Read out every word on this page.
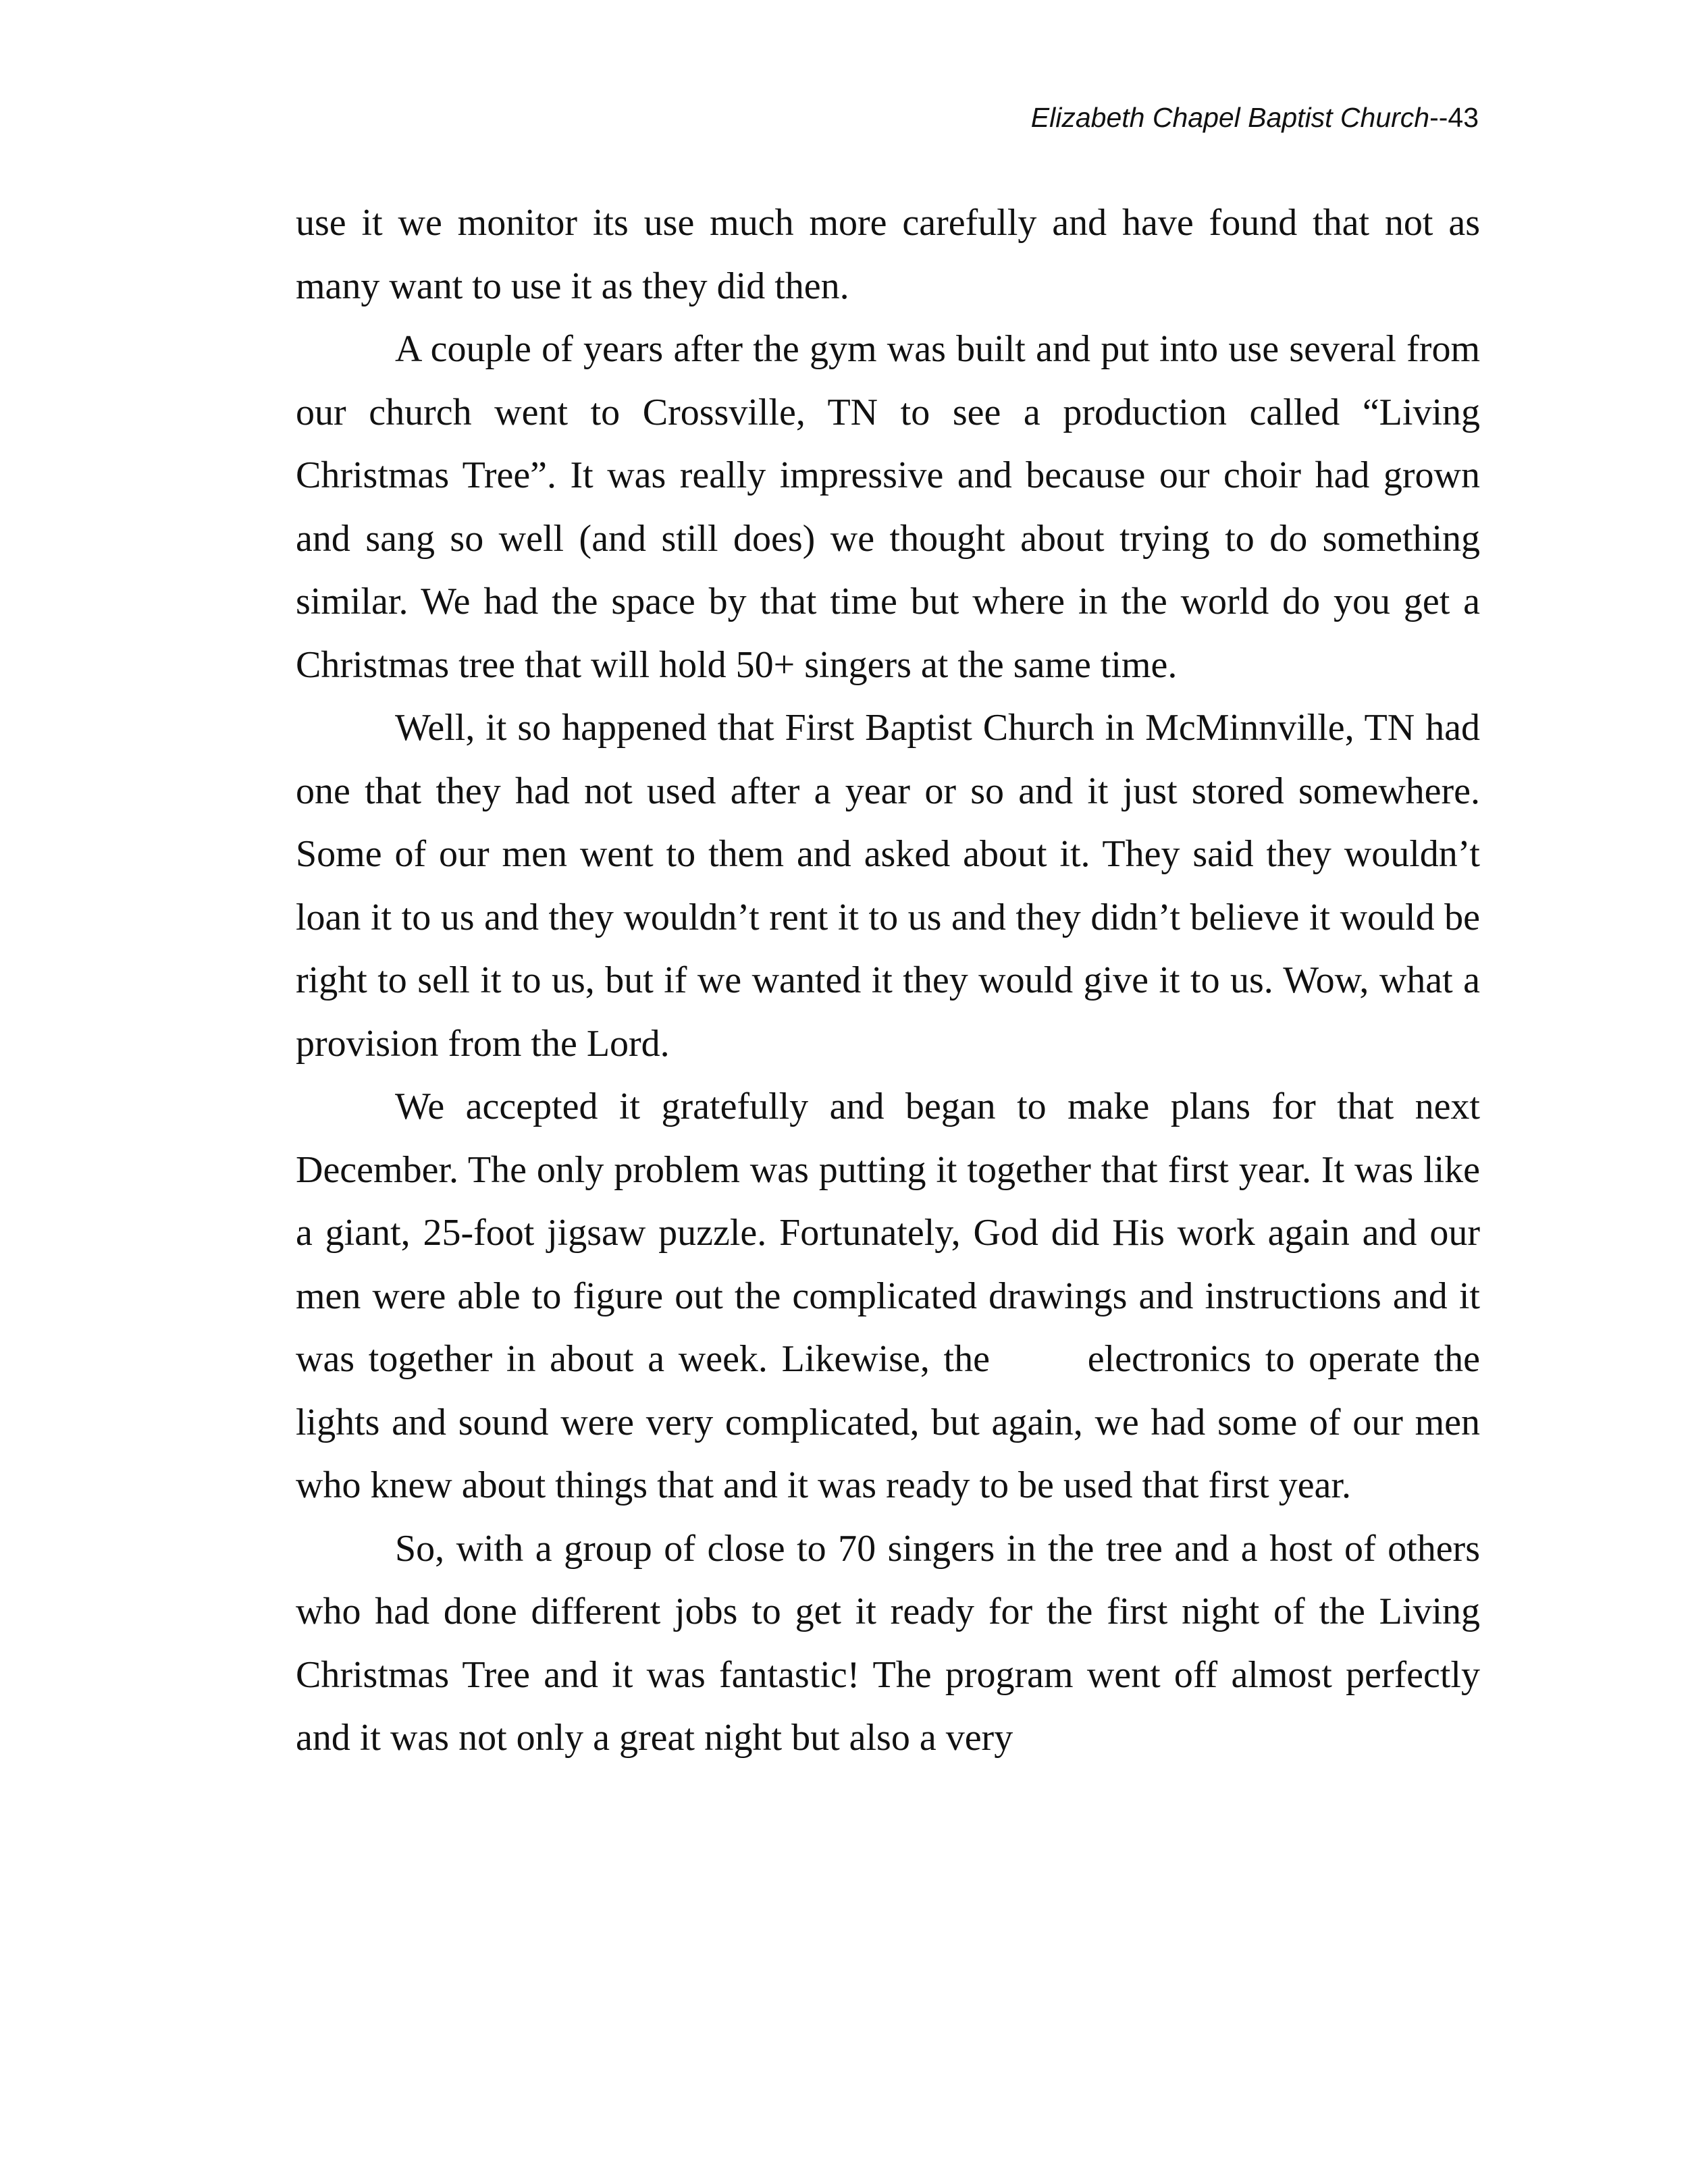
Elizabeth Chapel Baptist Church--43

use it we monitor its use much more carefully and have found that not as many want to use it as they did then.

A couple of years after the gym was built and put into use several from our church went to Crossville, TN to see a production called “Living Christmas Tree”. It was really impressive and because our choir had grown and sang so well (and still does) we thought about trying to do something similar. We had the space by that time but where in the world do you get a Christmas tree that will hold 50+ singers at the same time.

Well, it so happened that First Baptist Church in McMinnville, TN had one that they had not used after a year or so and it just stored somewhere. Some of our men went to them and asked about it. They said they wouldn’t loan it to us and they wouldn’t rent it to us and they didn’t believe it would be right to sell it to us, but if we wanted it they would give it to us. Wow, what a provision from the Lord.

We accepted it gratefully and began to make plans for that next December. The only problem was putting it together that first year. It was like a giant, 25-foot jigsaw puzzle. Fortunately, God did His work again and our men were able to figure out the complicated drawings and instructions and it was together in about a week. Likewise, the       electronics to operate the lights and sound were very complicated, but again, we had some of our men who knew about things that and it was ready to be used that first year.

So, with a group of close to 70 singers in the tree and a host of others who had done different jobs to get it ready for the first night of the Living Christmas Tree and it was fantastic! The program went off almost perfectly and it was not only a great night but also a very
